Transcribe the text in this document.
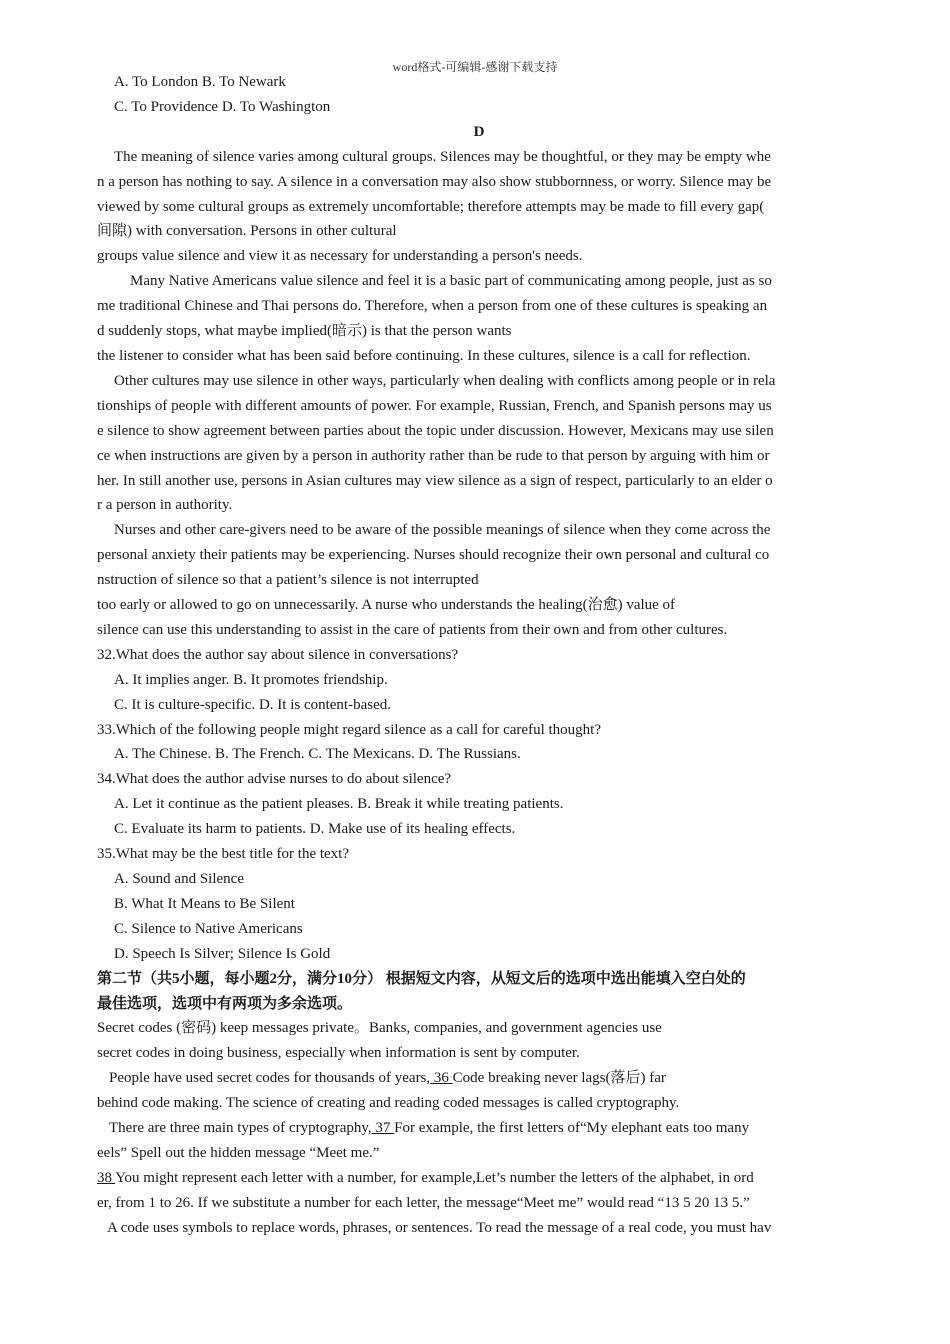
word格式-可编辑-感谢下载支持
A. To London B. To Newark
C. To Providence D. To Washington
D
The meaning of silence varies among cultural groups. Silences may be thoughtful, or they may be empty whe
n a person has nothing to say. A silence in a conversation may also show stubbornness, or worry. Silence may be
viewed by some cultural groups as extremely uncomfortable; therefore attempts may be made to fill every gap(
间隙) with conversation. Persons in other cultural
groups value silence and view it as necessary for understanding a person's needs.
Many Native Americans value silence and feel it is a basic part of communicating among people, just as so
me traditional Chinese and Thai persons do. Therefore, when a person from one of these cultures is speaking an
d suddenly stops, what maybe implied(暗示) is that the person wants
the listener to consider what has been said before continuing. In these cultures, silence is a call for reflection.
Other cultures may use silence in other ways, particularly when dealing with conflicts among people or in rela
tionships of people with different amounts of power. For example, Russian, French, and Spanish persons may us
e silence to show agreement between parties about the topic under discussion. However, Mexicans may use silen
ce when instructions are given by a person in authority rather than be rude to that person by arguing with him or
her. In still another use, persons in Asian cultures may view silence as a sign of respect, particularly to an elder o
r a person in authority.
Nurses and other care-givers need to be aware of the possible meanings of silence when they come across the
personal anxiety their patients may be experiencing. Nurses should recognize their own personal and cultural co
nstruction of silence so that a patient’s silence is not interrupted
too early or allowed to go on unnecessarily. A nurse who understands the healing(治愈) value of
silence can use this understanding to assist in the care of patients from their own and from other cultures.
32.What does the author say about silence in conversations?
A. It implies anger. B. It promotes friendship.
C. It is culture-specific. D. It is content-based.
33.Which of the following people might regard silence as a call for careful thought?
A. The Chinese. B. The French. C. The Mexicans. D. The Russians.
34.What does the author advise nurses to do about silence?
A. Let it continue as the patient pleases. B. Break it while treating patients.
C. Evaluate its harm to patients. D. Make use of its healing effects.
35.What may be the best title for the text?
A. Sound and Silence
B. What It Means to Be Silent
C. Silence to Native Americans
D. Speech Is Silver; Silence Is Gold
第二节（共5小题，每小题2分，满分10分） 根据短文内容，从短文后的选项中选出能填入空白处的
最佳选项，选项中有两项为多余选项。
Secret codes (密码) keep messages private。Banks, companies, and government agencies use
secret codes in doing business, especially when information is sent by computer.
People have used secret codes for thousands of years, 36 Code breaking never lags(落后) far
behind code making. The science of creating and reading coded messages is called cryptography.
There are three main types of cryptography, 37 For example, the first letters of“My elephant eats too many
eels” Spell out the hidden message “Meet me.”
38 You might represent each letter with a number, for example,Let’s number the letters of the alphabet, in ord
er, from 1 to 26. If we substitute a number for each letter, the message“Meet me” would read “13 5 20 13 5.”
A code uses symbols to replace words, phrases, or sentences. To read the message of a real code, you must hav
